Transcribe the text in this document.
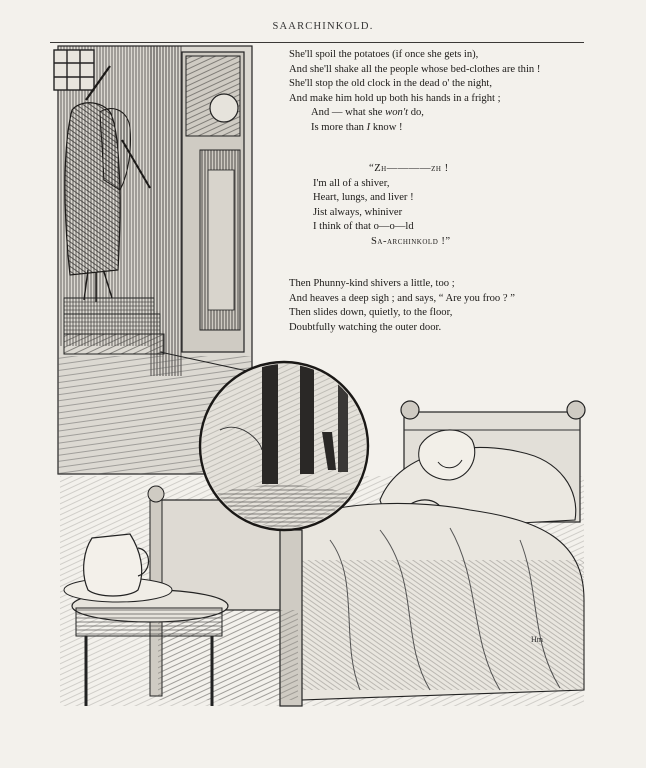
SAARCHINKOLD.
Hm
She'll spoil the potatoes (if once she gets in),
And she'll shake all the people whose bed-clothes are thin !
She'll stop the old clock in the dead o' the night,
And make him hold up both his hands in a fright ;
And — what she won't do,
Is more than I know !
“Zh————zh !
I'm all of a shiver,
Heart, lungs, and liver !
Jist always, whiniver
I think of that o—o—ld
Sa-archinkold !”
Then Phunny-kind shivers a little, too ;
And heaves a deep sigh ; and says, “ Are you froo ? ”
Then slides down, quietly, to the floor,
Doubtfully watching the outer door.
